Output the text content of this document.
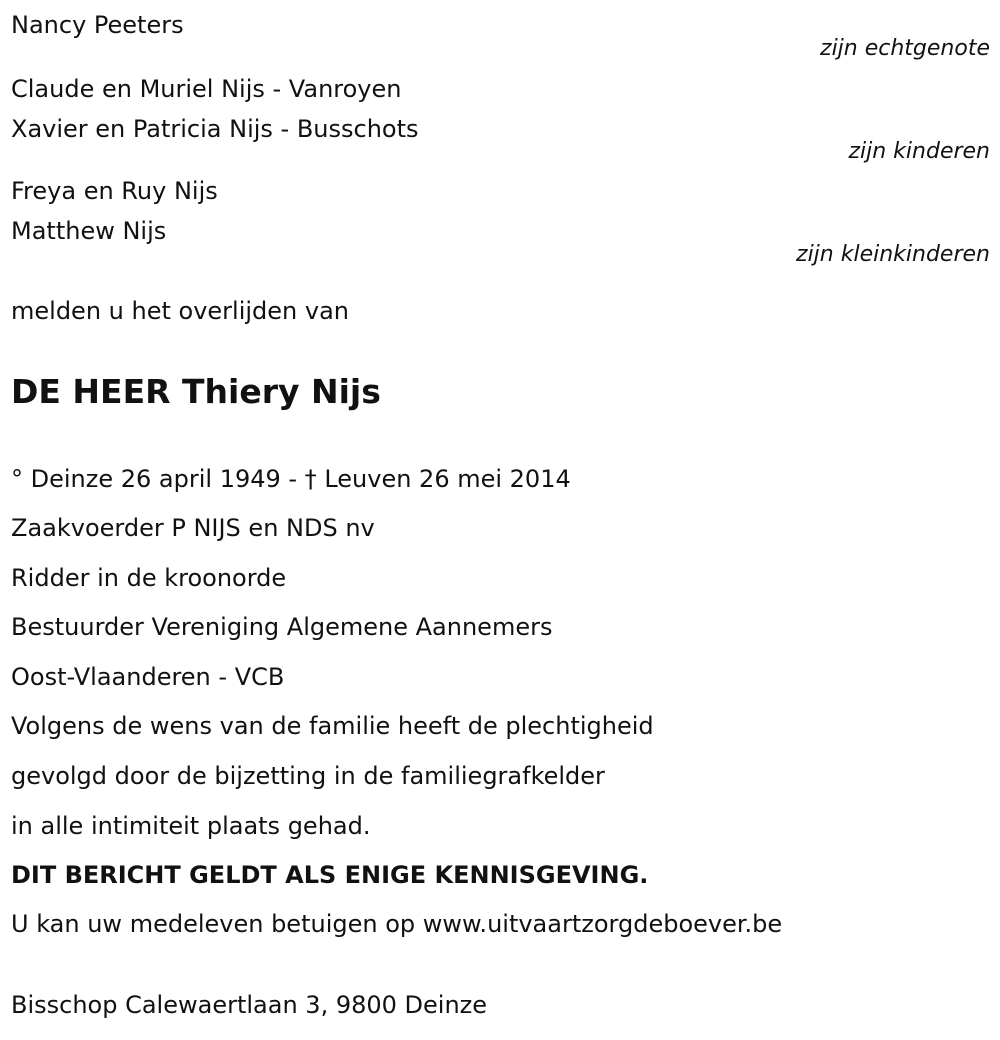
Nancy Peeters
zijn echtgenote
Claude en Muriel Nijs - Vanroyen
Xavier en Patricia Nijs - Busschots
zijn kinderen
Freya en Ruy Nijs
Matthew Nijs
zijn kleinkinderen
melden u het overlijden van
DE HEER Thiery Nijs
° Deinze 26 april 1949 - † Leuven 26 mei 2014
Zaakvoerder P NIJS en NDS nv
Ridder in de kroonorde
Bestuurder Vereniging Algemene Aannemers
Oost-Vlaanderen - VCB
Volgens de wens van de familie heeft de plechtigheid
gevolgd door de bijzetting in de familiegrafkelder
in alle intimiteit plaats gehad.
DIT BERICHT GELDT ALS ENIGE KENNISGEVING.
U kan uw medeleven betuigen op www.uitvaartzorgdeboever.be
Bisschop Calewaertlaan 3, 9800 Deinze
